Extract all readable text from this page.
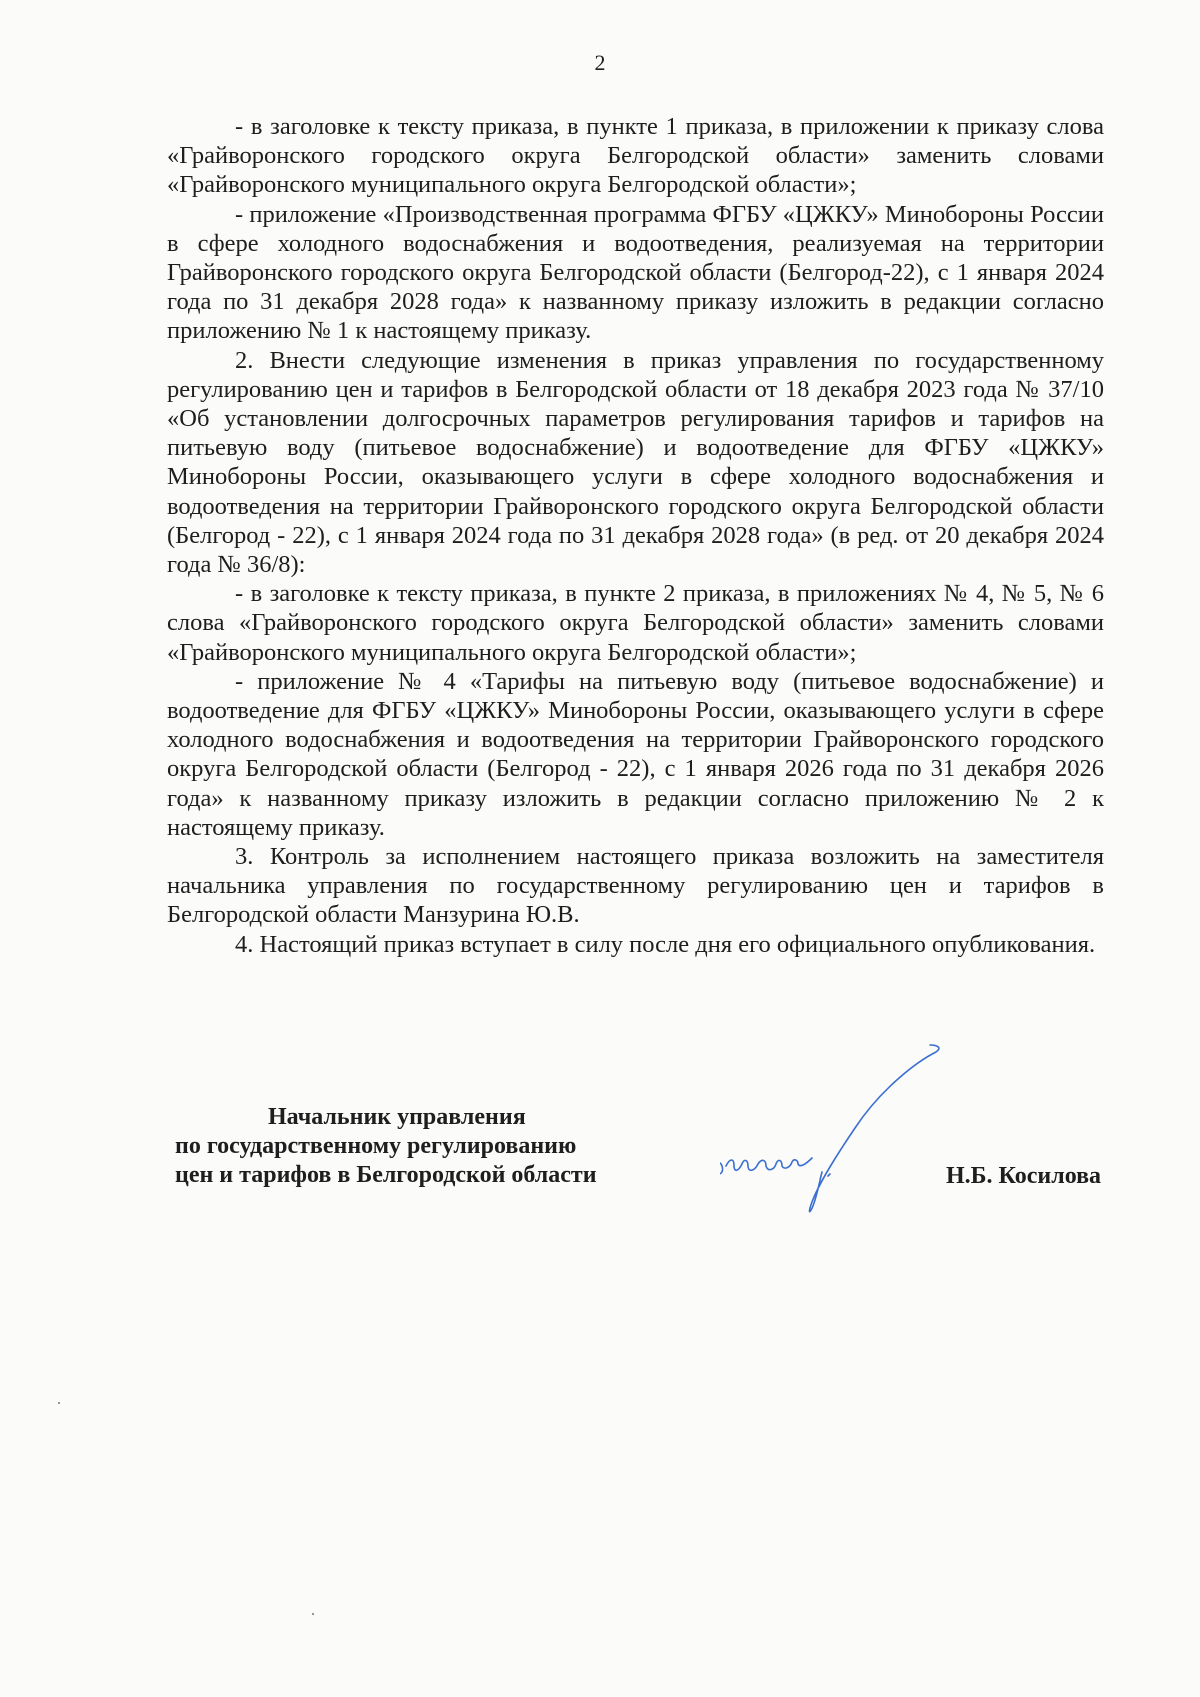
2

- в заголовке к тексту приказа, в пункте 1 приказа, в приложении к приказу слова «Грайворонского городского округа Белгородской области» заменить словами «Грайворонского муниципального округа Белгородской области»;

- приложение «Производственная программа ФГБУ «ЦЖКУ» Минобороны России в сфере холодного водоснабжения и водоотведения, реализуемая на территории Грайворонского городского округа Белгородской области (Белгород-22), с 1 января 2024 года по 31 декабря 2028 года» к названному приказу изложить в редакции согласно приложению № 1 к настоящему приказу.

2. Внести следующие изменения в приказ управления по государственному регулированию цен и тарифов в Белгородской области от 18 декабря 2023 года № 37/10 «Об установлении долгосрочных параметров регулирования тарифов и тарифов на питьевую воду (питьевое водоснабжение) и водоотведение для ФГБУ «ЦЖКУ» Минобороны России, оказывающего услуги в сфере холодного водоснабжения и водоотведения на территории Грайворонского городского округа Белгородской области (Белгород - 22), с 1 января 2024 года по 31 декабря 2028 года» (в ред. от 20 декабря 2024 года № 36/8):

- в заголовке к тексту приказа, в пункте 2 приказа, в приложениях № 4, № 5, № 6 слова «Грайворонского городского округа Белгородской области» заменить словами «Грайворонского муниципального округа Белгородской области»;

- приложение № 4 «Тарифы на питьевую воду (питьевое водоснабжение) и водоотведение для ФГБУ «ЦЖКУ» Минобороны России, оказывающего услуги в сфере холодного водоснабжения и водоотведения на территории Грайворонского городского округа Белгородской области (Белгород - 22), с 1 января 2026 года по 31 декабря 2026 года» к названному приказу изложить в редакции согласно приложению № 2 к настоящему приказу.

3. Контроль за исполнением настоящего приказа возложить на заместителя начальника управления по государственному регулированию цен и тарифов в Белгородской области Манзурина Ю.В.

4. Настоящий приказ вступает в силу после дня его официального опубликования.

Начальник управления
по государственному регулированию
цен и тарифов в Белгородской области	Н.Б. Косилова
